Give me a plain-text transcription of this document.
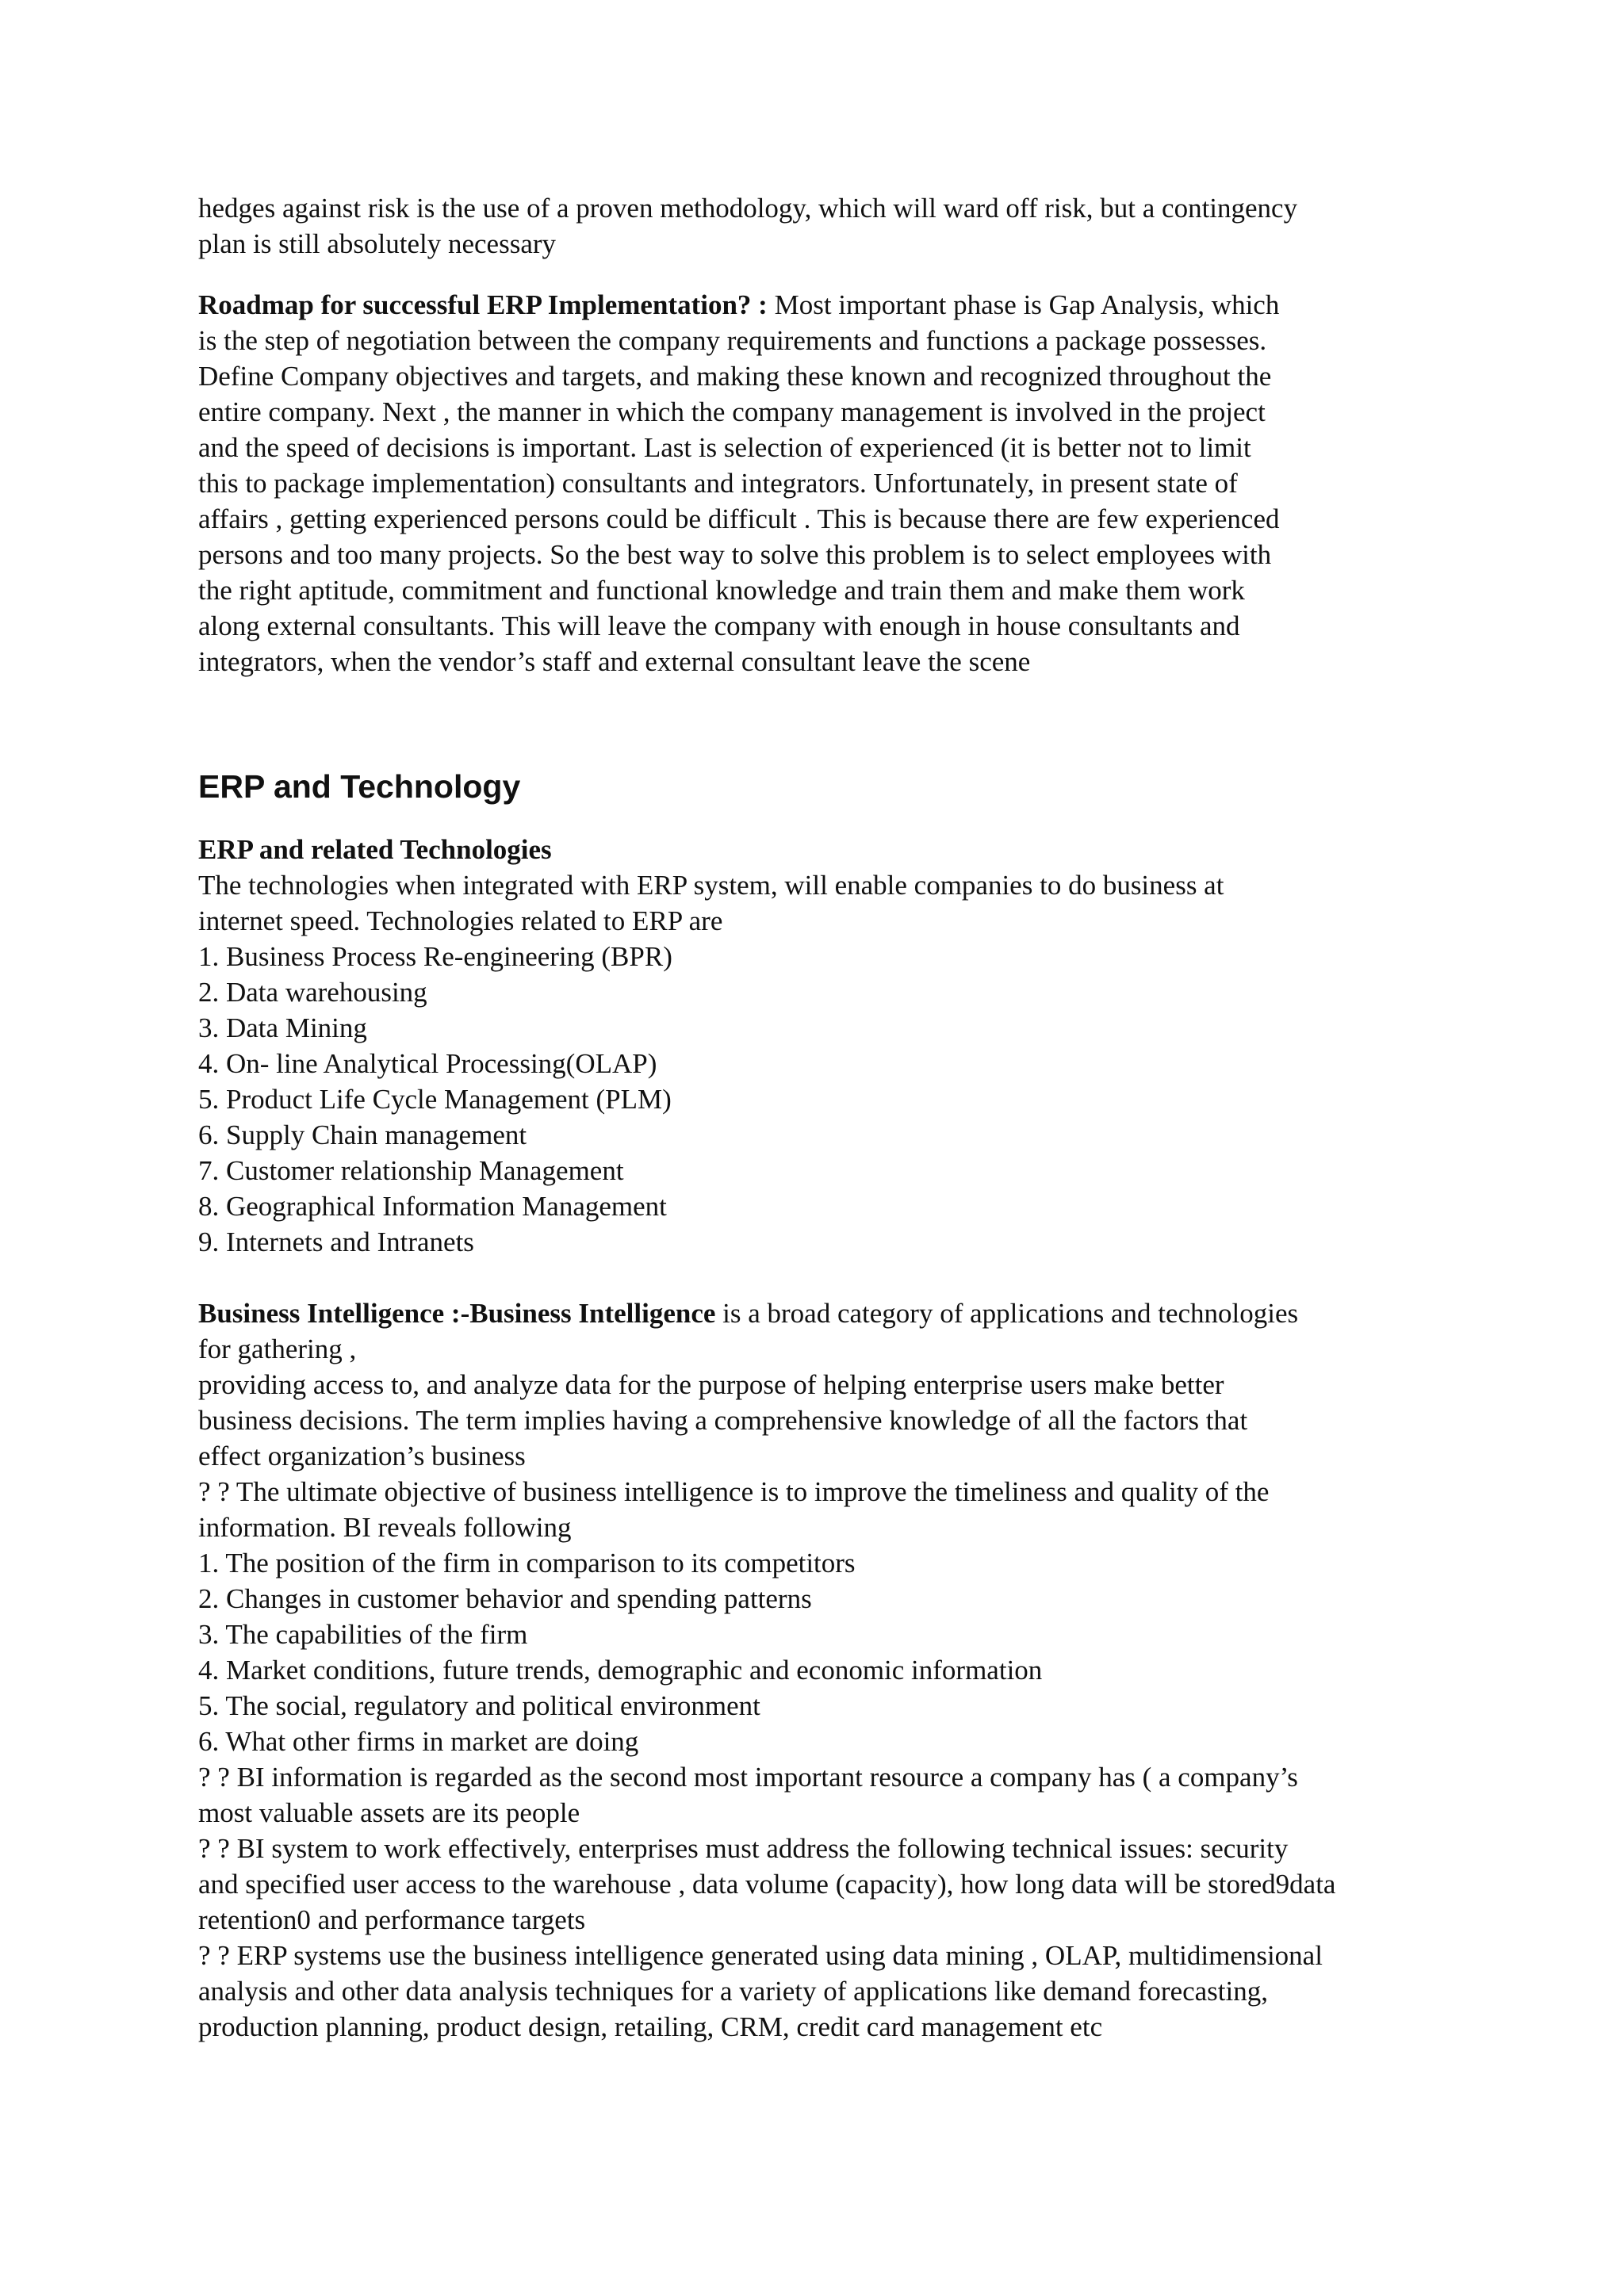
hedges against risk is the use of a proven methodology, which will ward off risk, but a contingency
plan is still absolutely necessary
Roadmap for successful ERP Implementation? : Most important phase is Gap Analysis, which
is the step of negotiation between the company requirements and functions a package possesses.
Define Company objectives and targets, and making these known and recognized throughout the
entire company. Next , the manner in which the company management is involved in the project
and the speed of decisions is important. Last is selection of experienced (it is better not to limit
this to package implementation) consultants and integrators. Unfortunately, in present state of
affairs , getting experienced persons could be difficult . This is because there are few experienced
persons and too many projects. So the best way to solve this problem is to select employees with
the right aptitude, commitment and functional knowledge and train them and make them work
along external consultants. This will leave the company with enough in house consultants and
integrators, when the vendor’s staff and external consultant leave the scene
ERP and Technology
ERP and related Technologies
The technologies when integrated with ERP system, will enable companies to do business at
internet speed. Technologies related to ERP are
1. Business Process Re-engineering (BPR)
2. Data warehousing
3. Data Mining
4. On- line Analytical Processing(OLAP)
5. Product Life Cycle Management (PLM)
6. Supply Chain management
7. Customer relationship Management
8. Geographical Information Management
9. Internets and Intranets
Business Intelligence :-Business Intelligence is a broad category of applications and technologies
for gathering ,
providing access to, and analyze data for the purpose of helping enterprise users make better
business decisions. The term implies having a comprehensive knowledge of all the factors that
effect organization’s business
? ? The ultimate objective of business intelligence is to improve the timeliness and quality of the
information. BI reveals following
1. The position of the firm in comparison to its competitors
2. Changes in customer behavior and spending patterns
3. The capabilities of the firm
4. Market conditions, future trends, demographic and economic information
5. The social, regulatory and political environment
6. What other firms in market are doing
? ? BI information is regarded as the second most important resource a company has ( a company’s
most valuable assets are its people
? ? BI system to work effectively, enterprises must address the following technical issues: security
and specified user access to the warehouse , data volume (capacity), how long data will be stored9data
retention0 and performance targets
? ? ERP systems use the business intelligence generated using data mining , OLAP, multidimensional
analysis and other data analysis techniques for a variety of applications like demand forecasting,
production planning, product design, retailing, CRM, credit card management etc
